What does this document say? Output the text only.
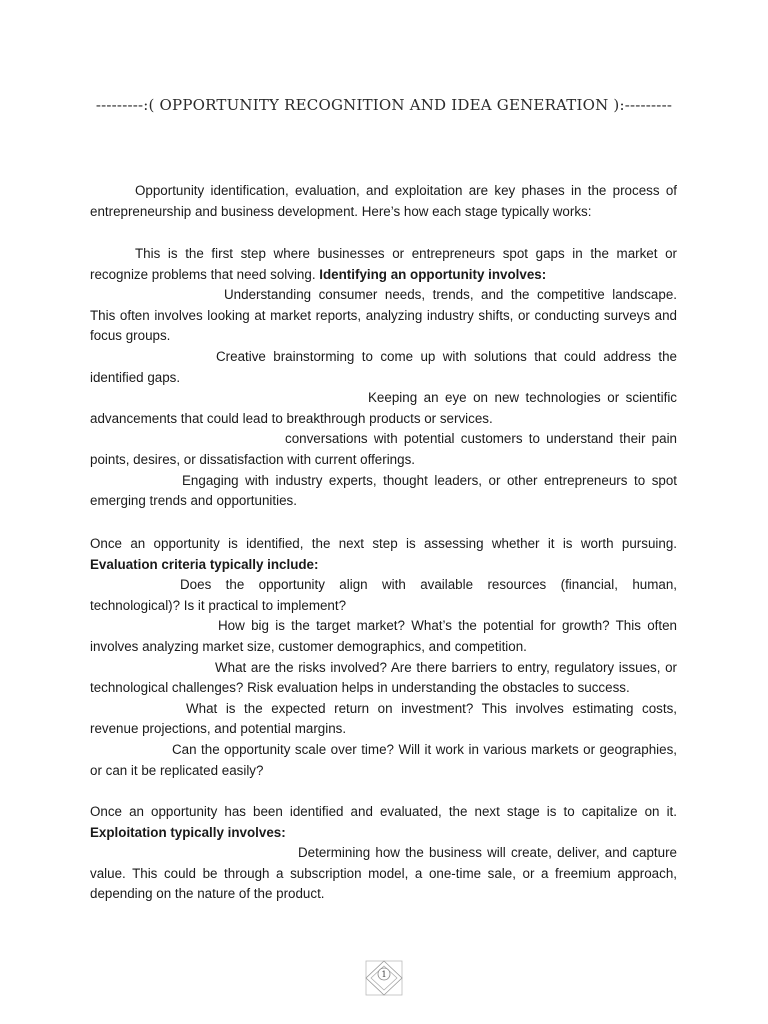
---------:( OPPORTUNITY RECOGNITION AND IDEA GENERATION ):---------

Opportunity identification, evaluation, and exploitation are key phases in the process of entrepreneurship and business development. Here’s how each stage typically works:

This is the first step where businesses or entrepreneurs spot gaps in the market or recognize problems that need solving. Identifying an opportunity involves:

Understanding consumer needs, trends, and the competitive landscape. This often involves looking at market reports, analyzing industry shifts, or conducting surveys and focus groups.

Creative brainstorming to come up with solutions that could address the identified gaps.

Keeping an eye on new technologies or scientific advancements that could lead to breakthrough products or services.

conversations with potential customers to understand their pain points, desires, or dissatisfaction with current offerings.

Engaging with industry experts, thought leaders, or other entrepreneurs to spot emerging trends and opportunities.

Once an opportunity is identified, the next step is assessing whether it is worth pursuing. Evaluation criteria typically include:

Does the opportunity align with available resources (financial, human, technological)? Is it practical to implement?

How big is the target market? What’s the potential for growth? This often involves analyzing market size, customer demographics, and competition.

What are the risks involved? Are there barriers to entry, regulatory issues, or technological challenges? Risk evaluation helps in understanding the obstacles to success.

What is the expected return on investment? This involves estimating costs, revenue projections, and potential margins.

Can the opportunity scale over time? Will it work in various markets or geographies, or can it be replicated easily?

Once an opportunity has been identified and evaluated, the next stage is to capitalize on it. Exploitation typically involves:

Determining how the business will create, deliver, and capture value. This could be through a subscription model, a one-time sale, or a freemium approach, depending on the nature of the product.

1
